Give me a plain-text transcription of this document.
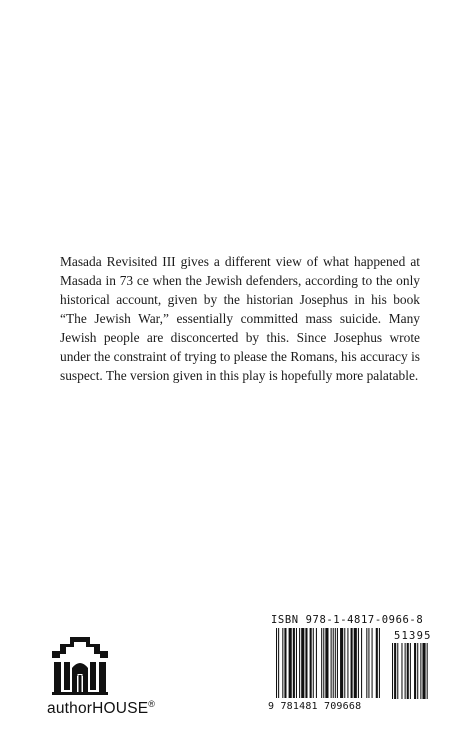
Masada Revisited III gives a different view of what happened at Masada in 73 ce when the Jewish defenders, according to the only historical account, given by the historian Josephus in his book “The Jewish War,” essentially committed mass suicide. Many Jewish people are disconcerted by this. Since Josephus wrote under the constraint of trying to please the Romans, his accuracy is suspect. The version given in this play is hopefully more palatable.

authorHOUSE®
ISBN 978-1-4817-0966-8
51395
9 781481 709668
